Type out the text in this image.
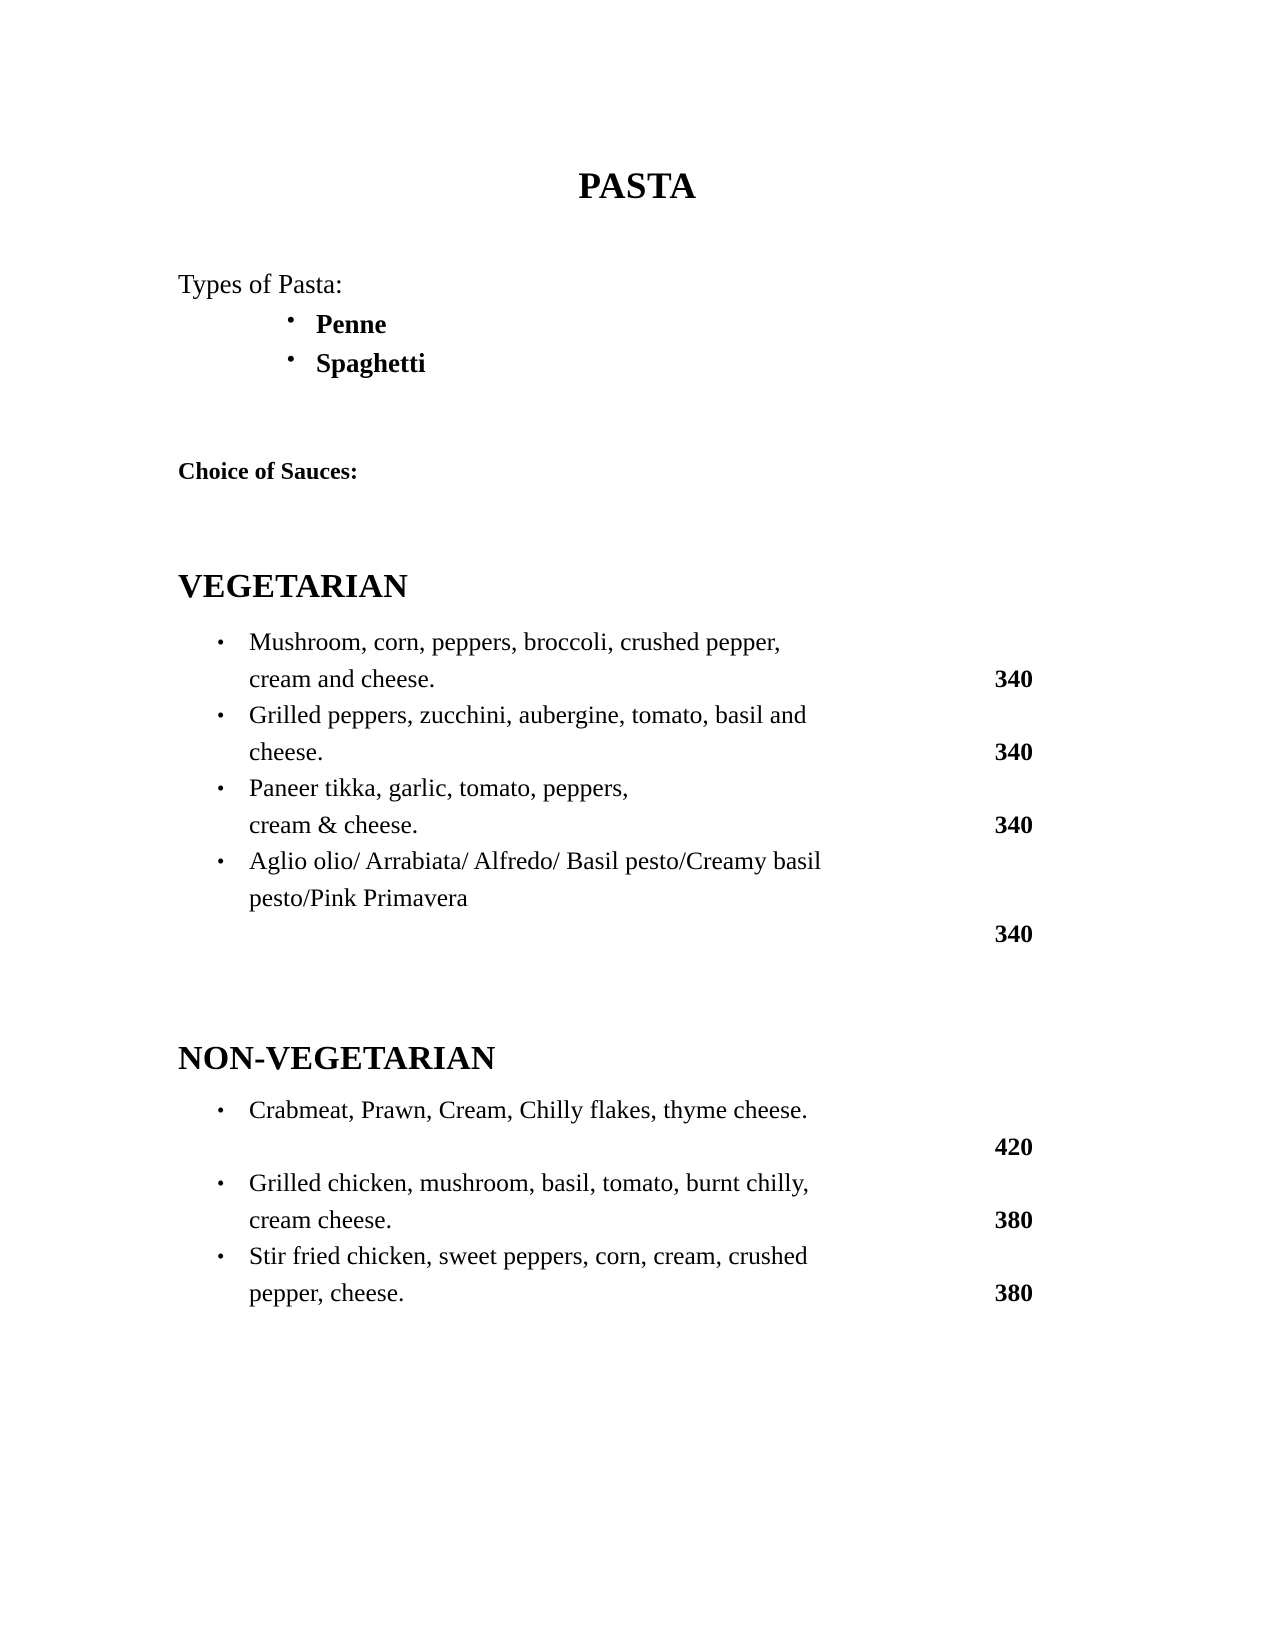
PASTA
Types of Pasta:
• Penne
• Spaghetti
Choice of Sauces:
VEGETARIAN
• Mushroom, corn, peppers, broccoli, crushed pepper,
cream and cheese.	340
• Grilled peppers, zucchini, aubergine, tomato, basil and
cheese.	340
• Paneer tikka, garlic, tomato, peppers,
cream & cheese.	340
• Aglio olio/ Arrabiata/ Alfredo/ Basil pesto/Creamy basil
pesto/Pink Primavera
340
NON-VEGETARIAN
• Crabmeat, Prawn, Cream, Chilly flakes, thyme cheese.
420
• Grilled chicken, mushroom, basil, tomato, burnt chilly,
cream cheese.	380
• Stir fried chicken, sweet peppers, corn, cream, crushed
pepper, cheese.	380
